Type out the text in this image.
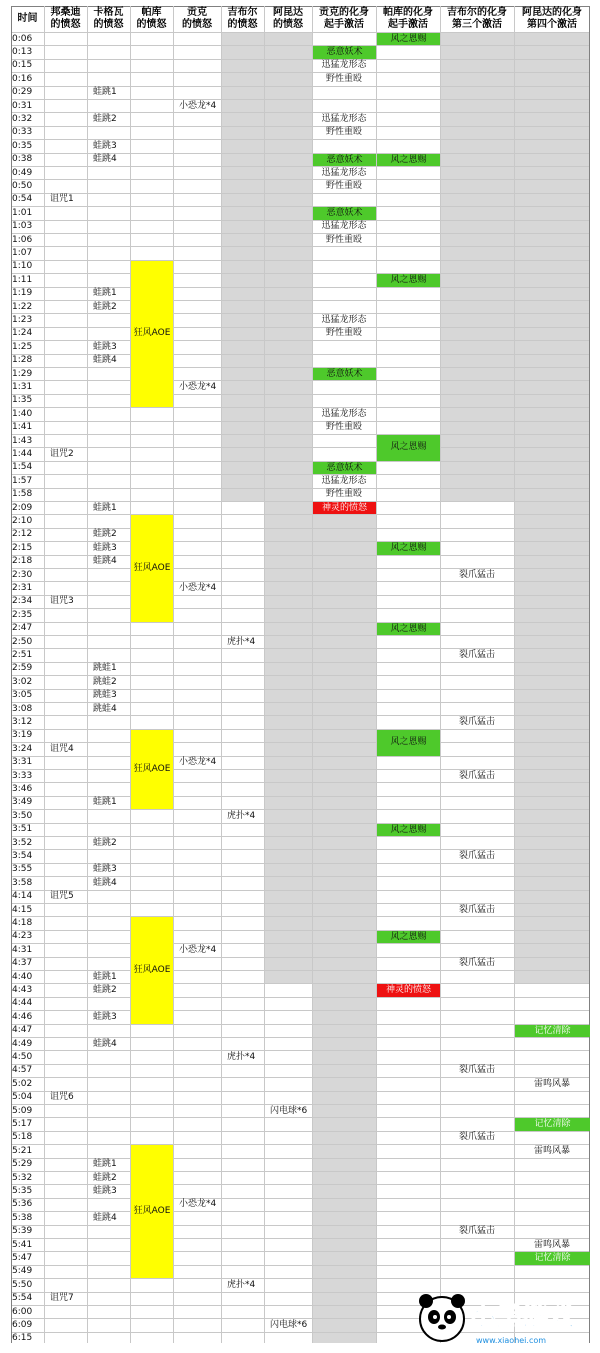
时间
邦桑迪
的愤怒
卡格瓦
的愤怒
帕库
的愤怒
贡克
的愤怒
吉布尔
的愤怒
阿昆达
的愤怒
贡克的化身
起手激活
帕库的化身
起手激活
吉布尔的化身
第三个激活
阿昆达的化身
第四个激活
0:06
0:13
0:15
0:16
0:29
0:31
0:32
0:33
0:35
0:38
0:49
0:50
0:54
1:01
1:03
1:06
1:07
1:10
1:11
1:19
1:22
1:23
1:24
1:25
1:28
1:29
1:31
1:35
1:40
1:41
1:43
1:44
1:54
1:57
1:58
2:09
2:10
2:12
2:15
2:18
2:30
2:31
2:34
2:35
2:47
2:50
2:51
2:59
3:02
3:05
3:08
3:12
3:19
3:24
3:31
3:33
3:46
3:49
3:50
3:51
3:52
3:54
3:55
3:58
4:14
4:15
4:18
4:23
4:31
4:37
4:40
4:43
4:44
4:46
4:47
4:49
4:50
4:57
5:02
5:04
5:09
5:17
5:18
5:21
5:29
5:32
5:35
5:36
5:38
5:39
5:41
5:47
5:49
5:50
5:54
6:00
6:09
6:15
狂风AOE
狂风AOE
狂风AOE
狂风AOE
狂风AOE
风之恩赐
风之恩赐
诅咒1
诅咒2
诅咒3
诅咒4
诅咒5
诅咒6
诅咒7
蛙跳1
蛙跳2
蛙跳3
蛙跳4
蛙跳1
蛙跳2
蛙跳3
蛙跳4
蛙跳1
蛙跳2
蛙跳3
蛙跳4
跳蛙1
跳蛙2
跳蛙3
跳蛙4
蛙跳1
蛙跳2
蛙跳3
蛙跳4
蛙跳1
蛙跳2
蛙跳3
蛙跳4
蛙跳1
蛙跳2
蛙跳3
蛙跳4
小恐龙*4
小恐龙*4
小恐龙*4
小恐龙*4
小恐龙*4
小恐龙*4
虎扑*4
虎扑*4
虎扑*4
虎扑*4
闪电球*6
闪电球*6
恶意妖术
迅猛龙形态
野性重殴
迅猛龙形态
野性重殴
恶意妖术
迅猛龙形态
野性重殴
恶意妖术
迅猛龙形态
野性重殴
迅猛龙形态
野性重殴
恶意妖术
迅猛龙形态
野性重殴
恶意妖术
迅猛龙形态
野性重殴
神灵的愤怒
风之恩赐
风之恩赐
风之恩赐
风之恩赐
风之恩赐
风之恩赐
风之恩赐
神灵的愤怒
裂爪猛击
裂爪猛击
裂爪猛击
裂爪猛击
裂爪猛击
裂爪猛击
裂爪猛击
裂爪猛击
裂爪猛击
裂爪猛击
记忆清除
雷鸣风暴
记忆清除
雷鸣风暴
雷鸣风暴
记忆清除
小黑游戏
www.xiaohei.com
